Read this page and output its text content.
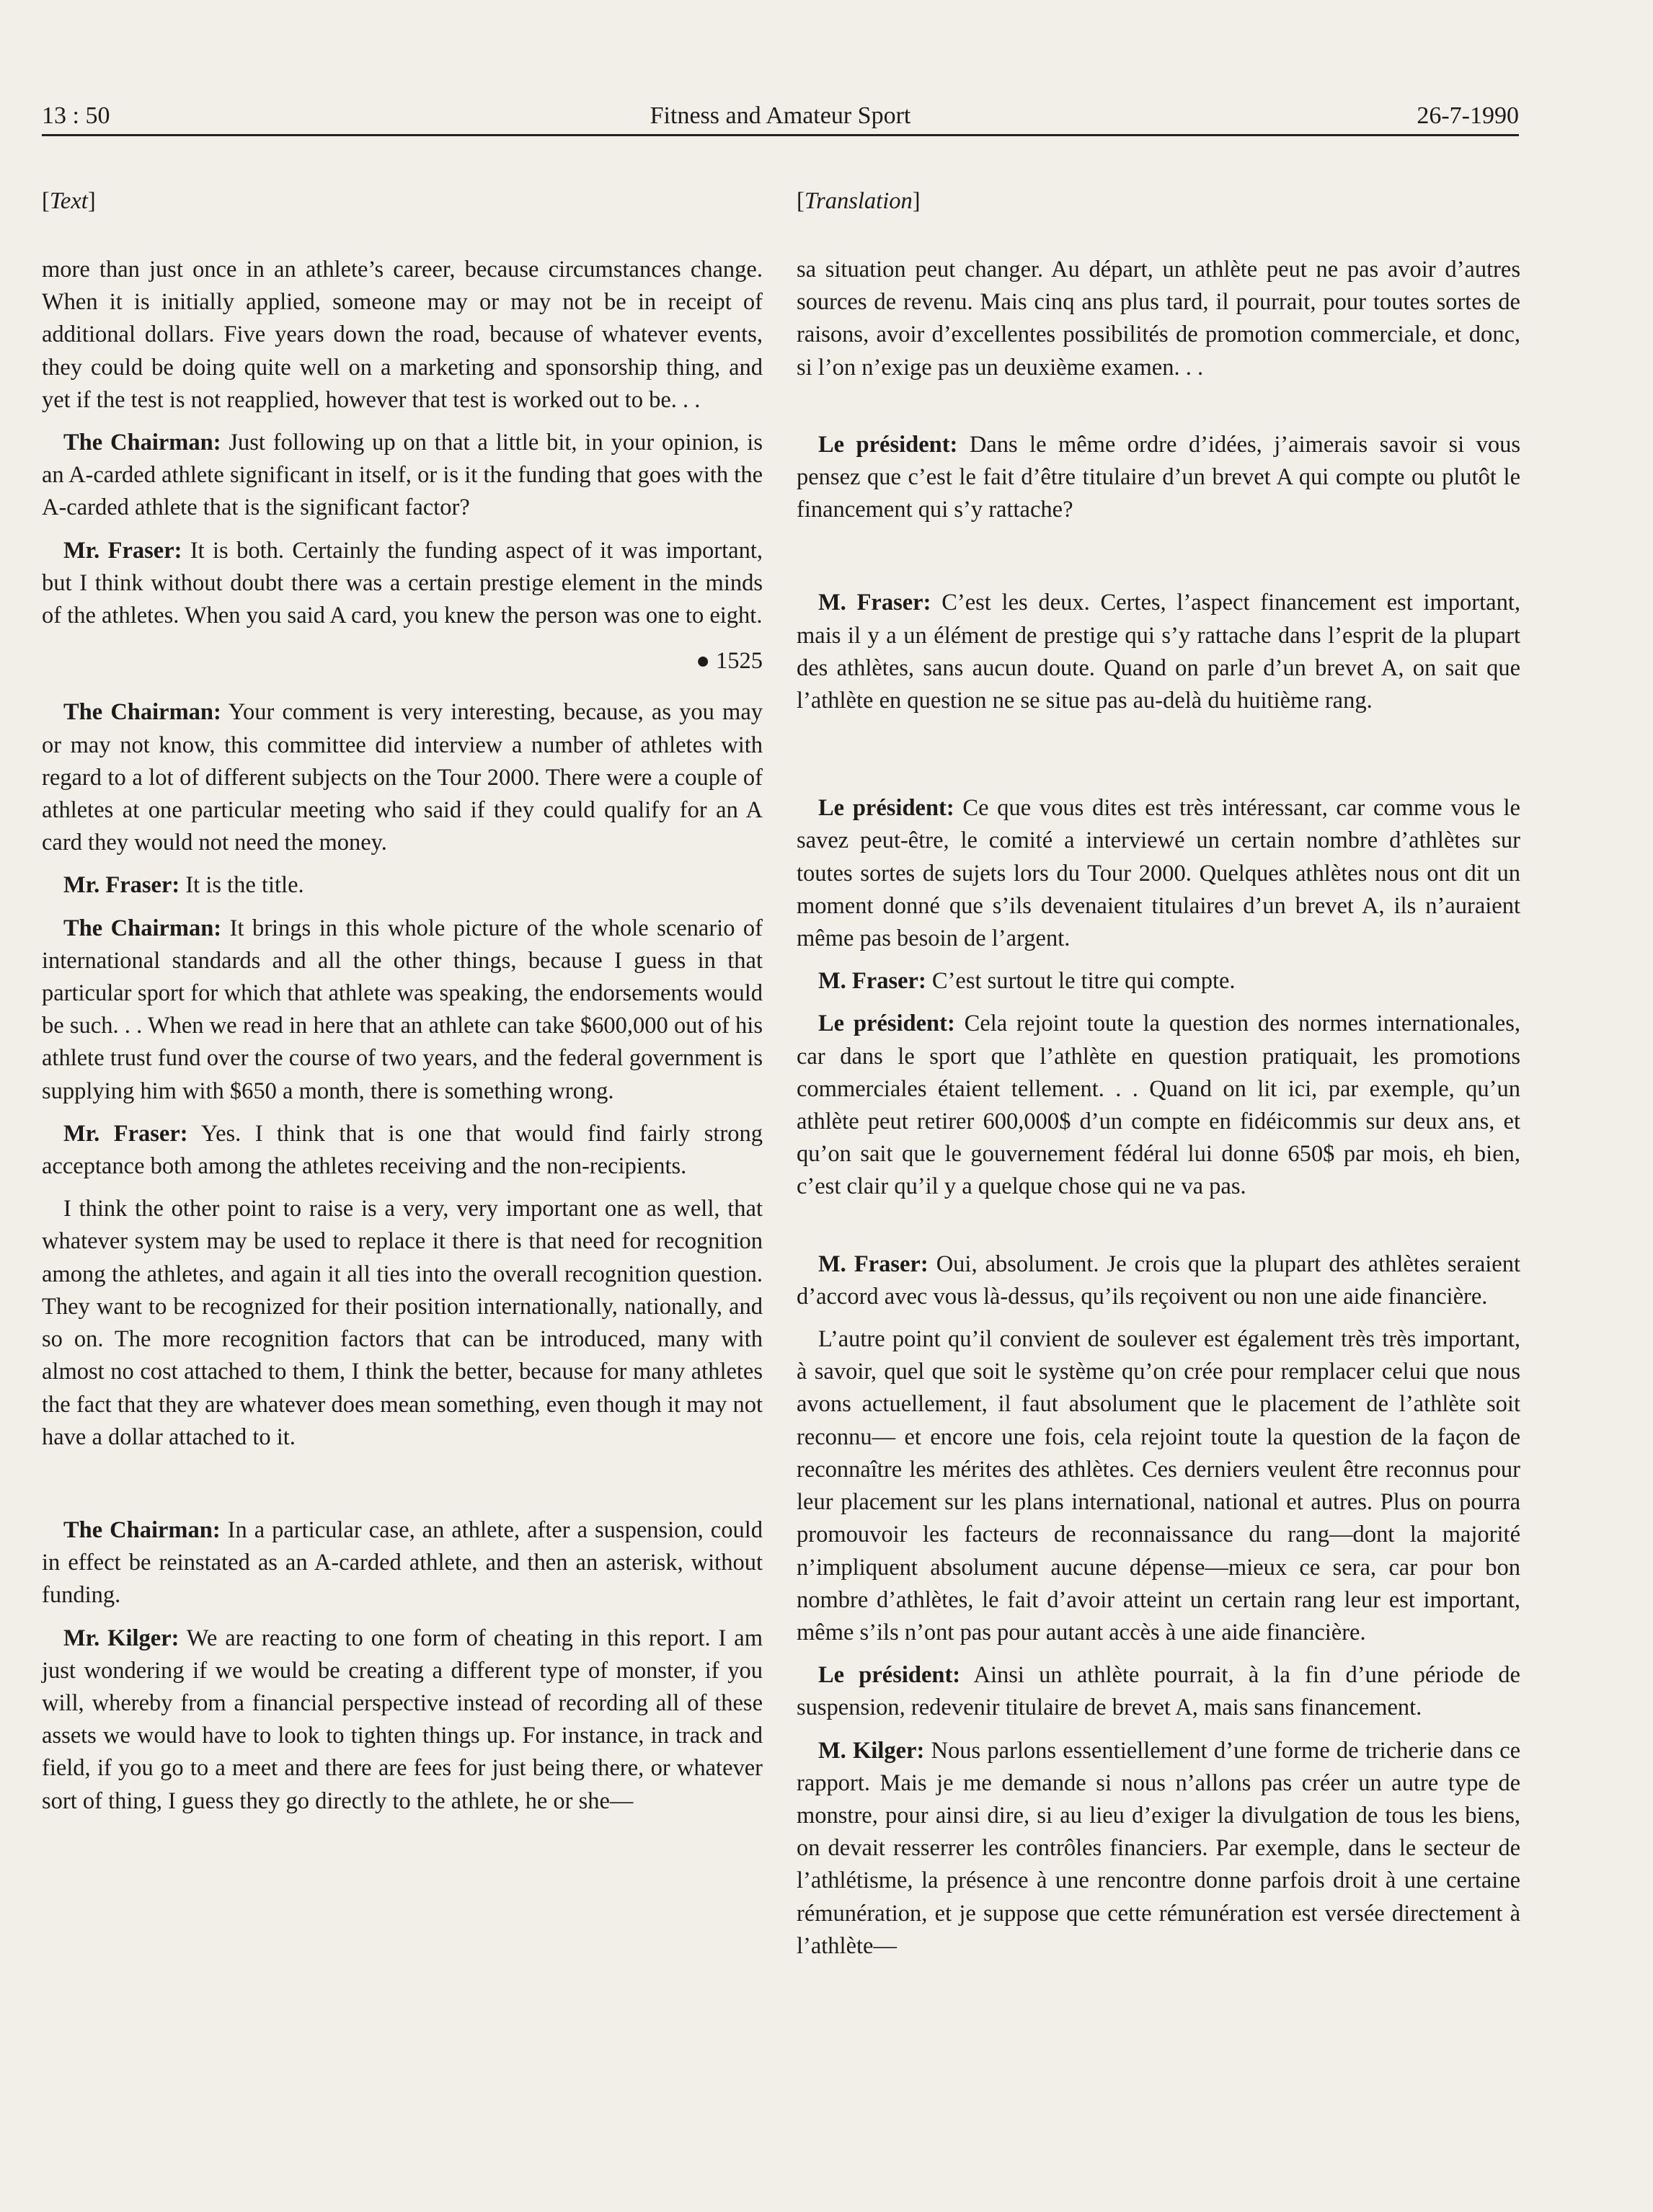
13 : 50	Fitness and Amateur Sport	26-7-1990
[Text]

more than just once in an athlete’s career, because circumstances change. When it is initially applied, someone may or may not be in receipt of additional dollars. Five years down the road, because of whatever events, they could be doing quite well on a marketing and sponsorship thing, and yet if the test is not reapplied, however that test is worked out to be. . .

The Chairman: Just following up on that a little bit, in your opinion, is an A-carded athlete significant in itself, or is it the funding that goes with the A-carded athlete that is the significant factor?

Mr. Fraser: It is both. Certainly the funding aspect of it was important, but I think without doubt there was a certain prestige element in the minds of the athletes. When you said A card, you knew the person was one to eight.

● 1525

The Chairman: Your comment is very interesting, because, as you may or may not know, this committee did interview a number of athletes with regard to a lot of different subjects on the Tour 2000. There were a couple of athletes at one particular meeting who said if they could qualify for an A card they would not need the money.

Mr. Fraser: It is the title.

The Chairman: It brings in this whole picture of the whole scenario of international standards and all the other things, because I guess in that particular sport for which that athlete was speaking, the endorsements would be such. . . When we read in here that an athlete can take $600,000 out of his athlete trust fund over the course of two years, and the federal government is supplying him with $650 a month, there is something wrong.

Mr. Fraser: Yes. I think that is one that would find fairly strong acceptance both among the athletes receiving and the non-recipients.

I think the other point to raise is a very, very important one as well, that whatever system may be used to replace it there is that need for recognition among the athletes, and again it all ties into the overall recognition question. They want to be recognized for their position internationally, nationally, and so on. The more recognition factors that can be introduced, many with almost no cost attached to them, I think the better, because for many athletes the fact that they are whatever does mean something, even though it may not have a dollar attached to it.

The Chairman: In a particular case, an athlete, after a suspension, could in effect be reinstated as an A-carded athlete, and then an asterisk, without funding.

Mr. Kilger: We are reacting to one form of cheating in this report. I am just wondering if we would be creating a different type of monster, if you will, whereby from a financial perspective instead of recording all of these assets we would have to look to tighten things up. For instance, in track and field, if you go to a meet and there are fees for just being there, or whatever sort of thing, I guess they go directly to the athlete, he or she—

[Translation]

sa situation peut changer. Au départ, un athlète peut ne pas avoir d’autres sources de revenu. Mais cinq ans plus tard, il pourrait, pour toutes sortes de raisons, avoir d’excellentes possibilités de promotion commerciale, et donc, si l’on n’exige pas un deuxième examen. . .

Le président: Dans le même ordre d’idées, j’aimerais savoir si vous pensez que c’est le fait d’être titulaire d’un brevet A qui compte ou plutôt le financement qui s’y rattache?

M. Fraser: C’est les deux. Certes, l’aspect financement est important, mais il y a un élément de prestige qui s’y rattache dans l’esprit de la plupart des athlètes, sans aucun doute. Quand on parle d’un brevet A, on sait que l’athlète en question ne se situe pas au-delà du huitième rang.

Le président: Ce que vous dites est très intéressant, car comme vous le savez peut-être, le comité a interviewé un certain nombre d’athlètes sur toutes sortes de sujets lors du Tour 2000. Quelques athlètes nous ont dit un moment donné que s’ils devenaient titulaires d’un brevet A, ils n’auraient même pas besoin de l’argent.

M. Fraser: C’est surtout le titre qui compte.

Le président: Cela rejoint toute la question des normes internationales, car dans le sport que l’athlète en question pratiquait, les promotions commerciales étaient tellement. . . Quand on lit ici, par exemple, qu’un athlète peut retirer 600,000$ d’un compte en fidéicommis sur deux ans, et qu’on sait que le gouvernement fédéral lui donne 650$ par mois, eh bien, c’est clair qu’il y a quelque chose qui ne va pas.

M. Fraser: Oui, absolument. Je crois que la plupart des athlètes seraient d’accord avec vous là-dessus, qu’ils reçoivent ou non une aide financière.

L’autre point qu’il convient de soulever est également très très important, à savoir, quel que soit le système qu’on crée pour remplacer celui que nous avons actuellement, il faut absolument que le placement de l’athlète soit reconnu— et encore une fois, cela rejoint toute la question de la façon de reconnaître les mérites des athlètes. Ces derniers veulent être reconnus pour leur placement sur les plans international, national et autres. Plus on pourra promouvoir les facteurs de reconnaissance du rang—dont la majorité n’impliquent absolument aucune dépense—mieux ce sera, car pour bon nombre d’athlètes, le fait d’avoir atteint un certain rang leur est important, même s’ils n’ont pas pour autant accès à une aide financière.

Le président: Ainsi un athlète pourrait, à la fin d’une période de suspension, redevenir titulaire de brevet A, mais sans financement.

M. Kilger: Nous parlons essentiellement d’une forme de tricherie dans ce rapport. Mais je me demande si nous n’allons pas créer un autre type de monstre, pour ainsi dire, si au lieu d’exiger la divulgation de tous les biens, on devait resserrer les contrôles financiers. Par exemple, dans le secteur de l’athlétisme, la présence à une rencontre donne parfois droit à une certaine rémunération, et je suppose que cette rémunération est versée directement à l’athlète—
